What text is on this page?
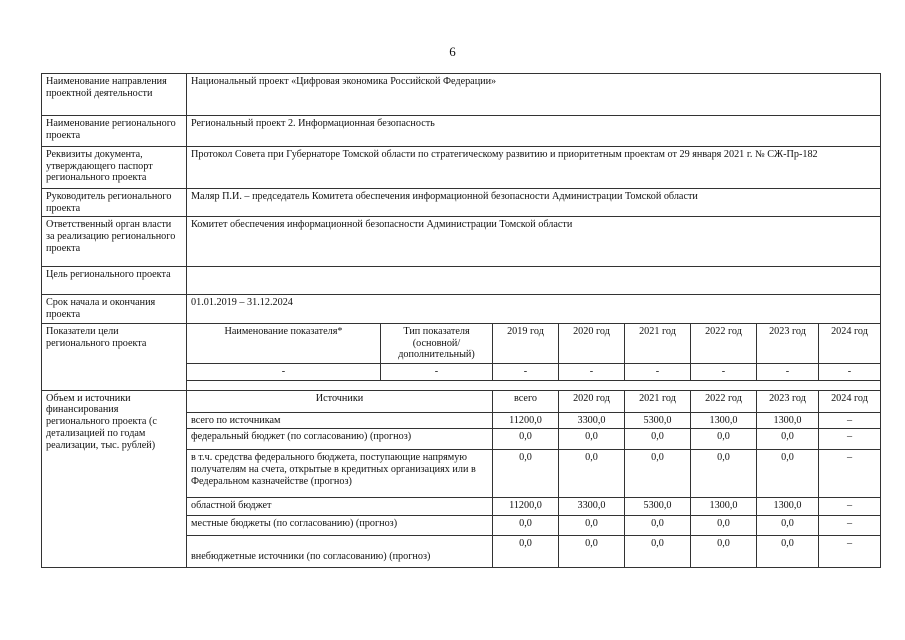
6
Наименование направления проектной деятельности	Национальный проект «Цифровая экономика Российской Федерации»							
Наименование регионального проекта	Региональный проект 2. Информационная безопасность							
Реквизиты документа, утверждающего паспорт регионального проекта	Протокол Совета при Губернаторе Томской области по стратегическому развитию и приоритетным проектам от 29 января 2021 г. № СЖ-Пр-182							
Руководитель регионального проекта	Маляр П.И. – председатель Комитета обеспечения информационной безопасности Администрации Томской области							
Ответственный орган власти за реализацию регионального проекта	Комитет обеспечения информационной безопасности Администрации Томской области							
Цель регионального проекта								
Срок начала и окончания проекта	01.01.2019 – 31.12.2024							
Показатели цели регионального проекта	Наименование показателя*	Тип показателя (основной/ дополнительный)	2019 год	2020 год	2021 год	2022 год	2023 год	2024 год
	-	-	-	-	-	-	-	-

Объем и источники финансирования регионального проекта (с детализацией по годам реализации, тыс. рублей)	Источники		всего	2020 год	2021 год	2022 год	2023 год	2024 год
	всего по источникам		11200,0	3300,0	5300,0	1300,0	1300,0	–
	федеральный бюджет (по согласованию) (прогноз)		0,0	0,0	0,0	0,0	0,0	–
	в т.ч. средства федерального бюджета, поступающие напрямую получателям на счета, открытые в кредитных организациях или в Федеральном казначействе (прогноз)		0,0	0,0	0,0	0,0	0,0	–
	областной бюджет		11200,0	3300,0	5300,0	1300,0	1300,0	–
	местные бюджеты (по согласованию) (прогноз)		0,0	0,0	0,0	0,0	0,0	–
	внебюджетные источники (по согласованию) (прогноз)		0,0	0,0	0,0	0,0	0,0	–
